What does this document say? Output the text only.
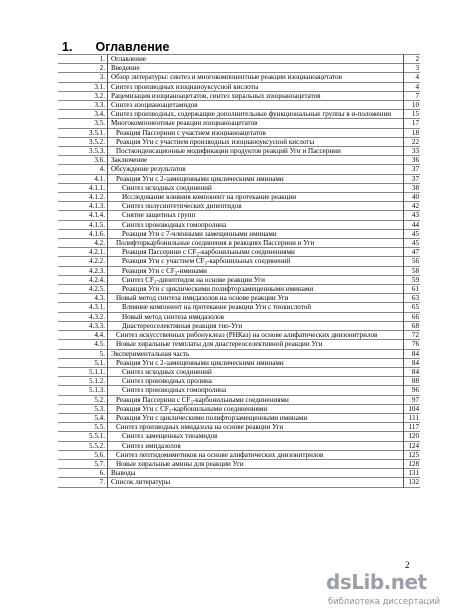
1. Оглавление
1.	Оглавление	2
2.	Введение	3
3.	Обзор литературы: синтез и многокомпонентные реакции изоцианоацетатов	4
3.1.	Синтез производных изоцианоуксусной кислоты	4
3.2.	Рацемизация изоцианоацетатов, синтез хиральных изоцианоацетатов	7
3.3.	Синтез изоцианоацетамидов	10
3.4.	Синтез производных, содержащие дополнительные функциональные группы в α-положении	15
3.5.	Многокомпонентные реакции изоцианоацетатов	17
3.5.1.	Реакция Пассерини с участием изоцианоацетатов	18
3.5.2.	Реакция Уги с участием производных изоцианоуксусной кислоты	22
3.5.3.	Постконденсационные модификации продуктов реакций Уги и Пассерини	33
3.6.	Заключение	36
4.	Обсуждение результатов	37
4.1.	Реакция Уги с 2-замещенными циклическими иминами	37
4.1.1.	Синтез исходных соединений	38
4.1.2.	Исследование влияния компонент на протекание реакции	40
4.1.3.	Синтез полусинтетических дипептидов	42
4.1.4.	Снятие защитных групп	43
4.1.5.	Синтез производных гомопролина	44
4.1.6.	Реакция Уги с 7-членными замещенными иминами	45
4.2.	Полифторкарбонильные соединения в реакциях Пассерини и Уги	45
4.2.1.	Реакция Пассерини с CF₃-карбонильными соединениями	47
4.2.2.	Реакция Уги с участием CF₃-карбонильных соединений	56
4.2.3.	Реакция Уги с CF₃-иминами	58
4.2.4.	Синтез CF₃-дипептидов на основе реакции Уги	59
4.2.5.	Реакция Уги с циклическими полифторзамещенными иминами	61
4.3.	Новый метод синтеза имидазолов на основе реакции Уги	63
4.3.1.	Влияние компонент на протекание реакции Уги с тиокислотой	65
4.3.2.	Новый метод синтеза имидазолов	66
4.3.3.	Диастереоселективная реакция тио-Уги	68
4.4.	Синтез искусственных рибонуклеаз (РНКаз) на основе алифатических диизонитрилов	72
4.5.	Новые хиральные темплаты для диастереоселективной реакции Уги	76
5.	Экспериментальная часть	84
5.1.	Реакция Уги с 2-замещенными циклическими иминами	84
5.1.1.	Синтез исходных соединений	84
5.1.2.	Синтез производных пролина	88
5.1.3.	Синтез производных гомопролина	96
5.2.	Реакция Пассерини с CF₃-карбонильными соединениями	97
5.3.	Реакция Уги с CF₃-карбонильными соединениями	104
5.4.	Реакция Уги с циклическими полифторзамещенными иминами	111
5.5.	Синтез производных имидазола на основе реакции Уги	117
5.5.1.	Синтез замещенных тиоамидов	120
5.5.2.	Синтез имидазолов	124
5.6.	Синтез пептидомиметиков на основе алифатических диизонитрилов	125
5.7.	Новые хиральные амины для реакции Уги	128
6.	Выводы	131
7.	Список литературы	132
2
dsLib.net
библиотека диссертаций
